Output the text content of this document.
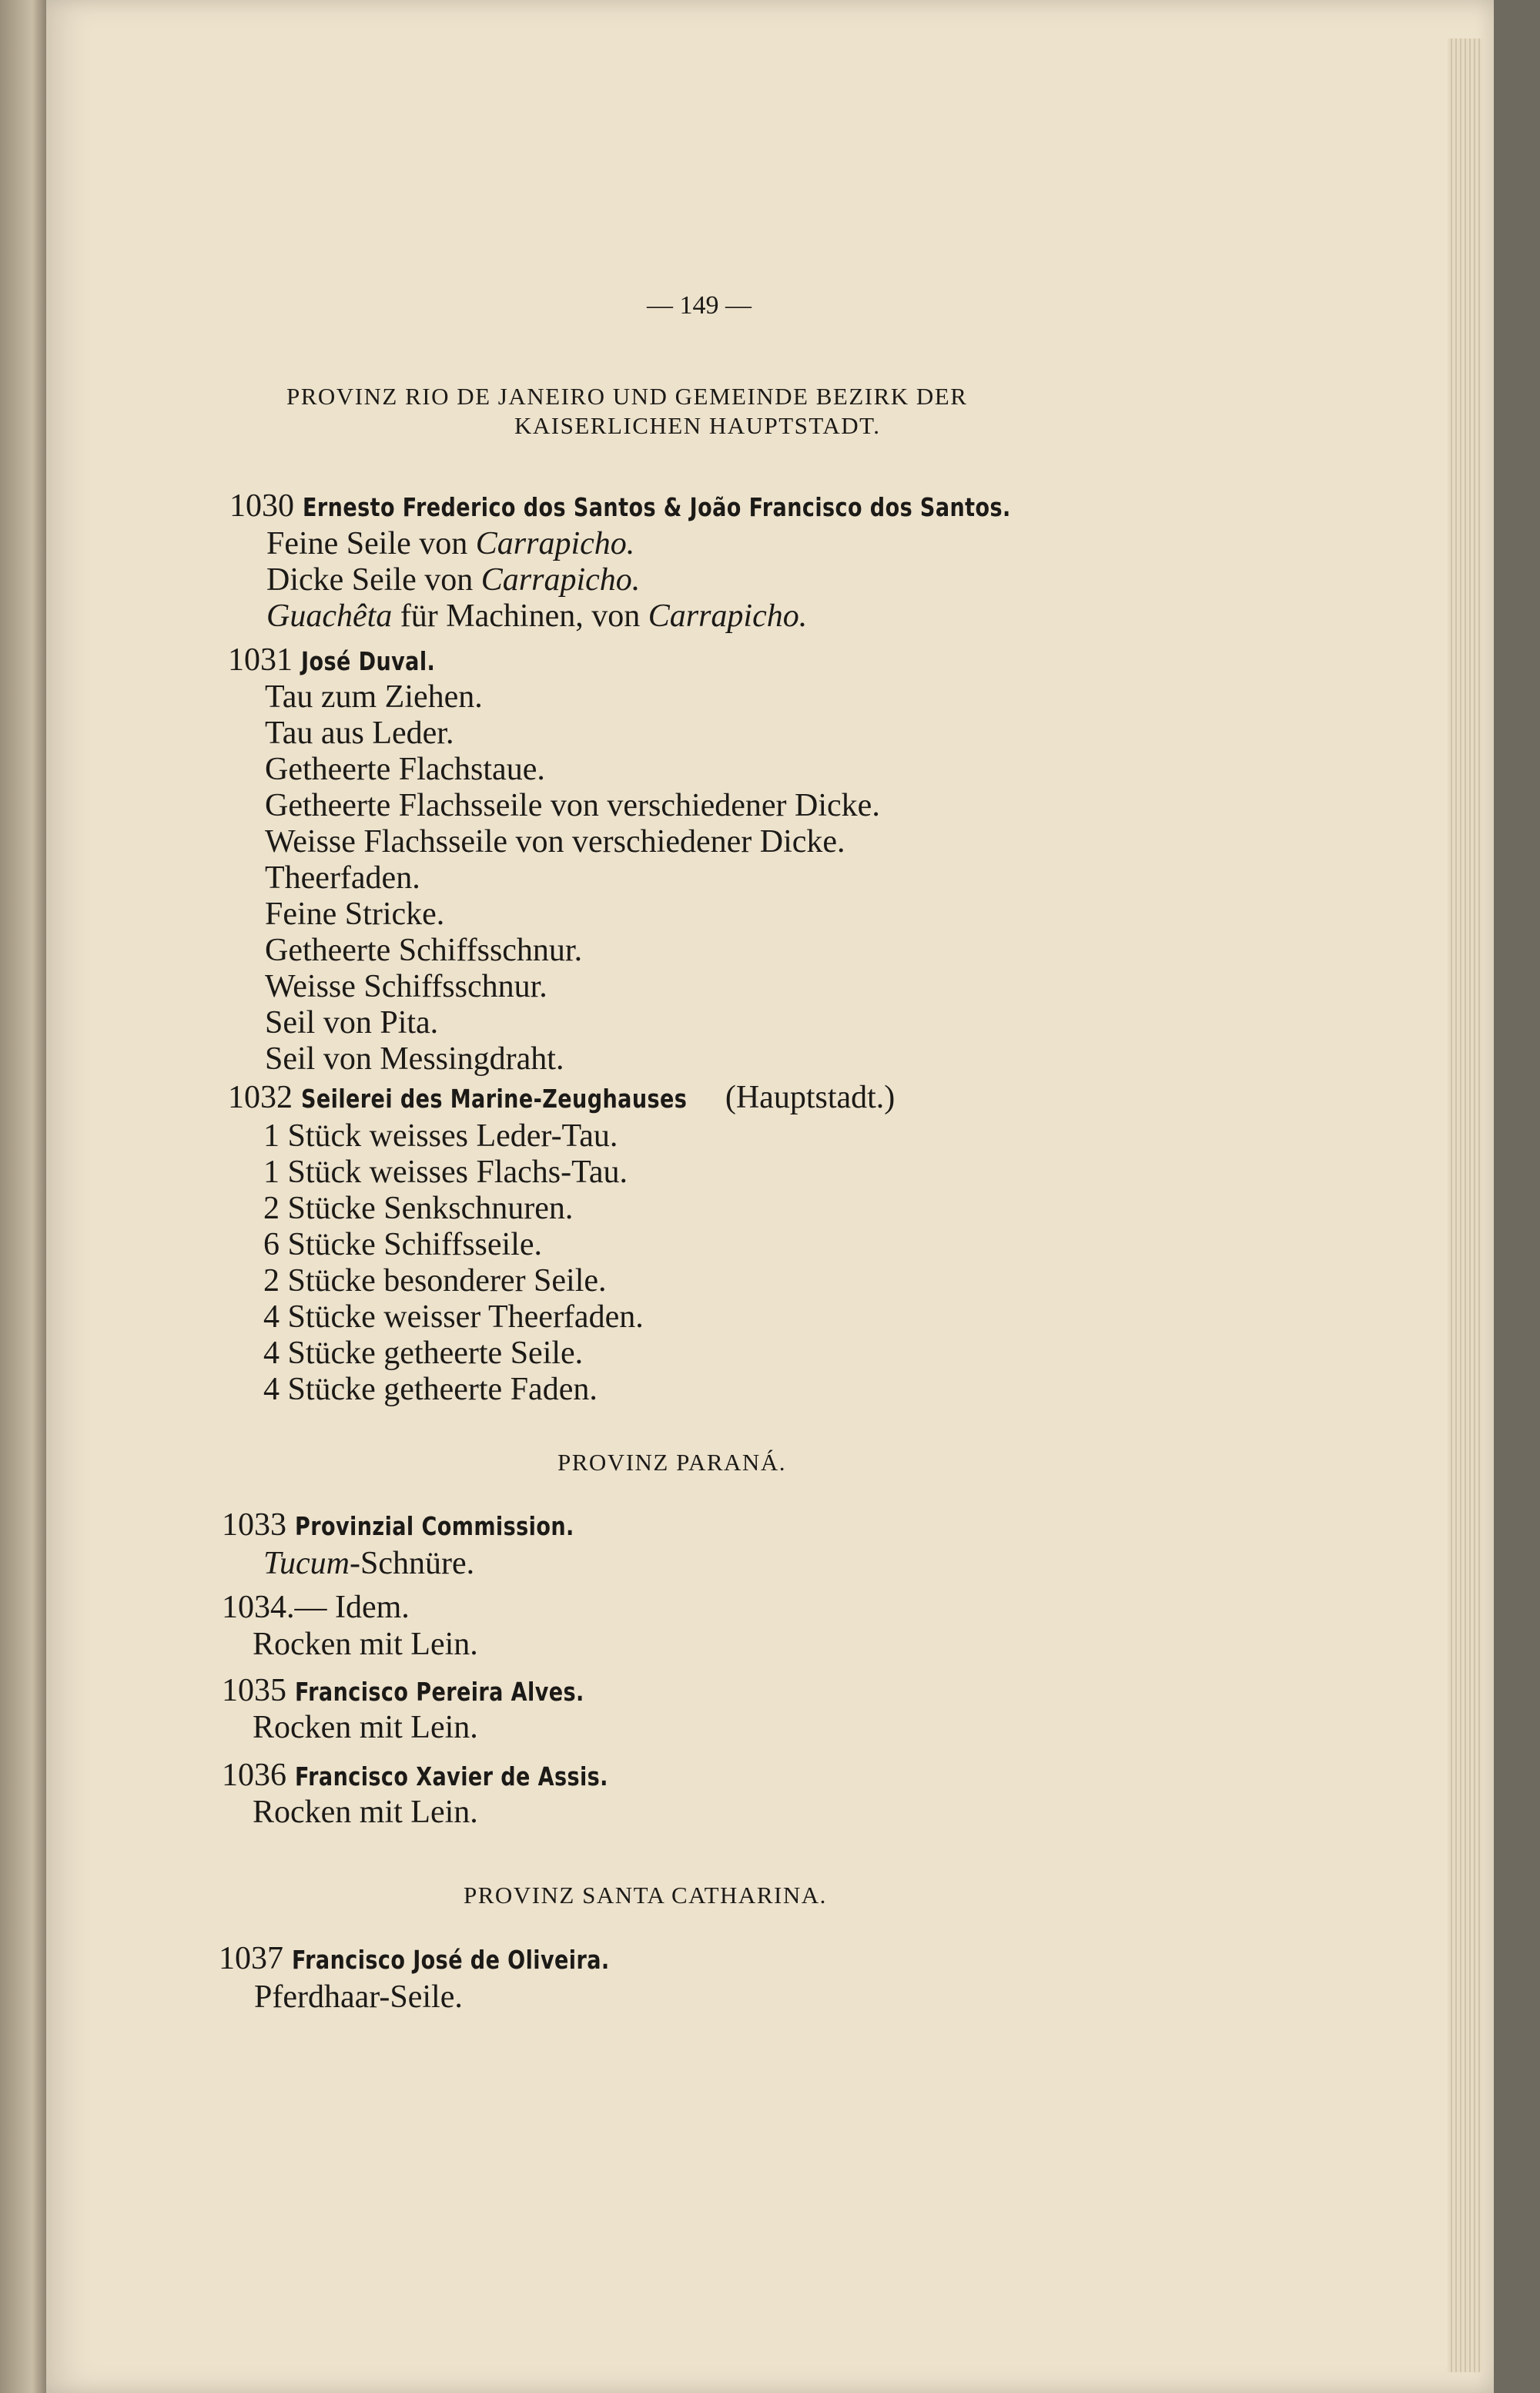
— 149 —
PROVINZ RIO DE JANEIRO UND GEMEINDE BEZIRK DER
KAISERLICHEN HAUPTSTADT.
1030 Ernesto Frederico dos Santos & João Francisco dos Santos.
Feine Seile von Carrapicho.
Dicke Seile von Carrapicho.
Guachêta für Machinen, von Carrapicho.
1031 José Duval.
Tau zum Ziehen.
Tau aus Leder.
Getheerte Flachstaue.
Getheerte Flachsseile von verschiedener Dicke.
Weisse Flachsseile von verschiedener Dicke.
Theerfaden.
Feine Stricke.
Getheerte Schiffsschnur.
Weisse Schiffsschnur.
Seil von Pita.
Seil von Messingdraht.
1032 Seilerei des Marine-Zeughauses (Hauptstadt.)
1 Stück weisses Leder-Tau.
1 Stück weisses Flachs-Tau.
2 Stücke Senkschnuren.
6 Stücke Schiffsseile.
2 Stücke besonderer Seile.
4 Stücke weisser Theerfaden.
4 Stücke getheerte Seile.
4 Stücke getheerte Faden.
PROVINZ PARANÁ.
1033 Provinzial Commission.
Tucum-Schnüre.
1034.— Idem.
Rocken mit Lein.
1035 Francisco Pereira Alves.
Rocken mit Lein.
1036 Francisco Xavier de Assis.
Rocken mit Lein.
PROVINZ SANTA CATHARINA.
1037 Francisco José de Oliveira.
Pferdhaar-Seile.
